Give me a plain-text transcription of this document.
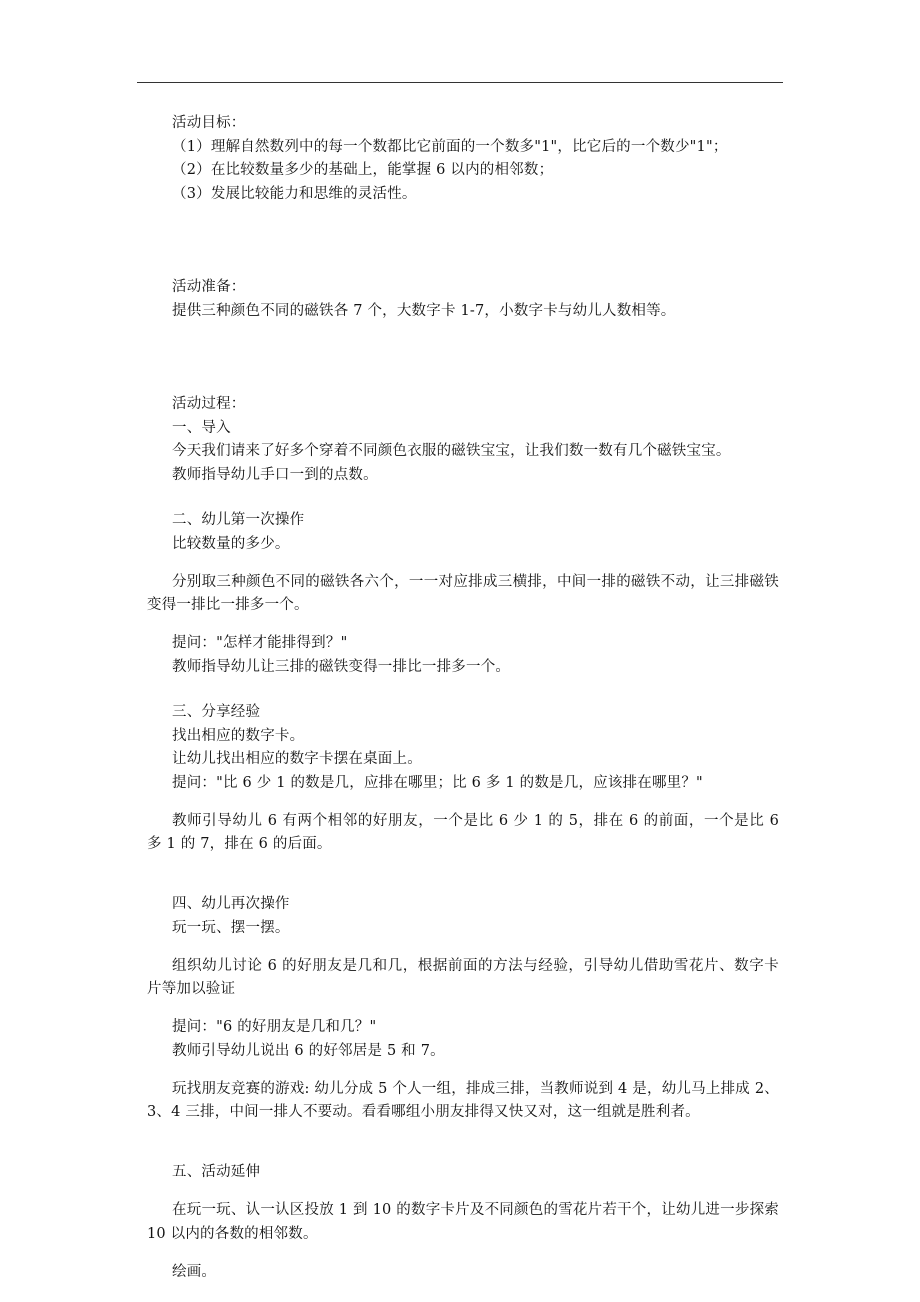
活动目标：

（1）理解自然数列中的每一个数都比它前面的一个数多"1"，比它后的一个数少"1"；

（2）在比较数量多少的基础上，能掌握 6 以内的相邻数；

（3）发展比较能力和思维的灵活性。

活动准备：

提供三种颜色不同的磁铁各 7 个，大数字卡 1-7，小数字卡与幼儿人数相等。

活动过程：

一、导入

今天我们请来了好多个穿着不同颜色衣服的磁铁宝宝，让我们数一数有几个磁铁宝宝。

教师指导幼儿手口一到的点数。

二、幼儿第一次操作

比较数量的多少。

分别取三种颜色不同的磁铁各六个，一一对应排成三横排，中间一排的磁铁不动，让三排磁铁变得一排比一排多一个。

提问："怎样才能排得到？"

教师指导幼儿让三排的磁铁变得一排比一排多一个。

三、分享经验

找出相应的数字卡。

让幼儿找出相应的数字卡摆在桌面上。

提问："比 6 少 1 的数是几，应排在哪里；比 6 多 1 的数是几，应该排在哪里？"

教师引导幼儿 6 有两个相邻的好朋友，一个是比 6 少 1 的 5，排在 6 的前面，一个是比 6 多 1 的 7，排在 6 的后面。

四、幼儿再次操作

玩一玩、摆一摆。

组织幼儿讨论 6 的好朋友是几和几，根据前面的方法与经验，引导幼儿借助雪花片、数字卡片等加以验证

提问："6 的好朋友是几和几？"

教师引导幼儿说出 6 的好邻居是 5 和 7。

玩找朋友竞赛的游戏: 幼儿分成 5 个人一组，排成三排，当教师说到 4 是，幼儿马上排成 2、3、4 三排，中间一排人不要动。看看哪组小朋友排得又快又对，这一组就是胜利者。

五、活动延伸

在玩一玩、认一认区投放 1 到 10 的数字卡片及不同颜色的雪花片若干个，让幼儿进一步探索 10 以内的各数的相邻数。

绘画。
